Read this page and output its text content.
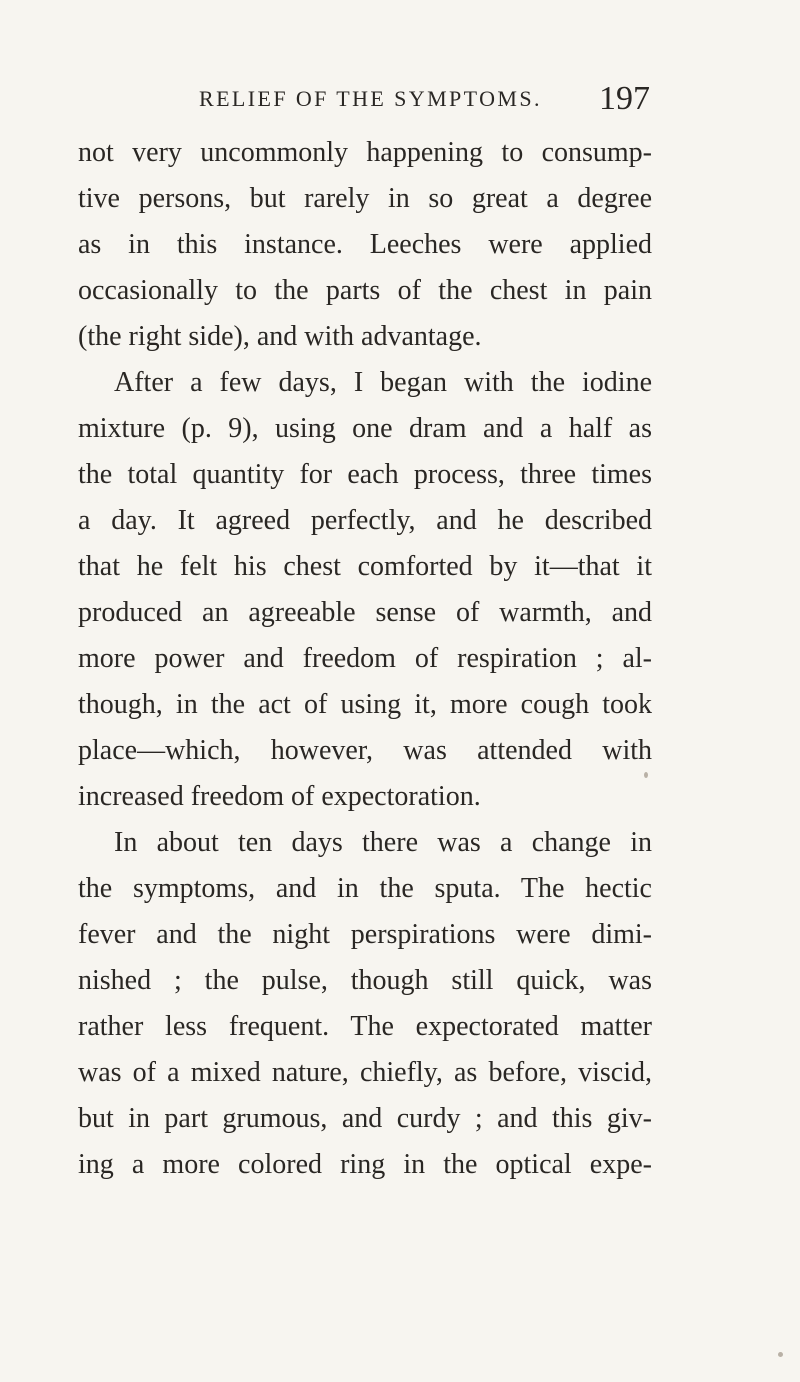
RELIEF OF THE SYMPTOMS. 197
not very uncommonly happening to consump-
tive persons, but rarely in so great a degree
as in this instance. Leeches were applied
occasionally to the parts of the chest in pain
(the right side), and with advantage.
After a few days, I began with the iodine
mixture (p. 9), using one dram and a half as
the total quantity for each process, three times
a day. It agreed perfectly, and he described
that he felt his chest comforted by it—that it
produced an agreeable sense of warmth, and
more power and freedom of respiration ; al-
though, in the act of using it, more cough took
place—which, however, was attended with
increased freedom of expectoration.
In about ten days there was a change in
the symptoms, and in the sputa. The hectic
fever and the night perspirations were dimi-
nished ; the pulse, though still quick, was
rather less frequent. The expectorated matter
was of a mixed nature, chiefly, as before, viscid,
but in part grumous, and curdy ; and this giv-
ing a more colored ring in the optical expe-
